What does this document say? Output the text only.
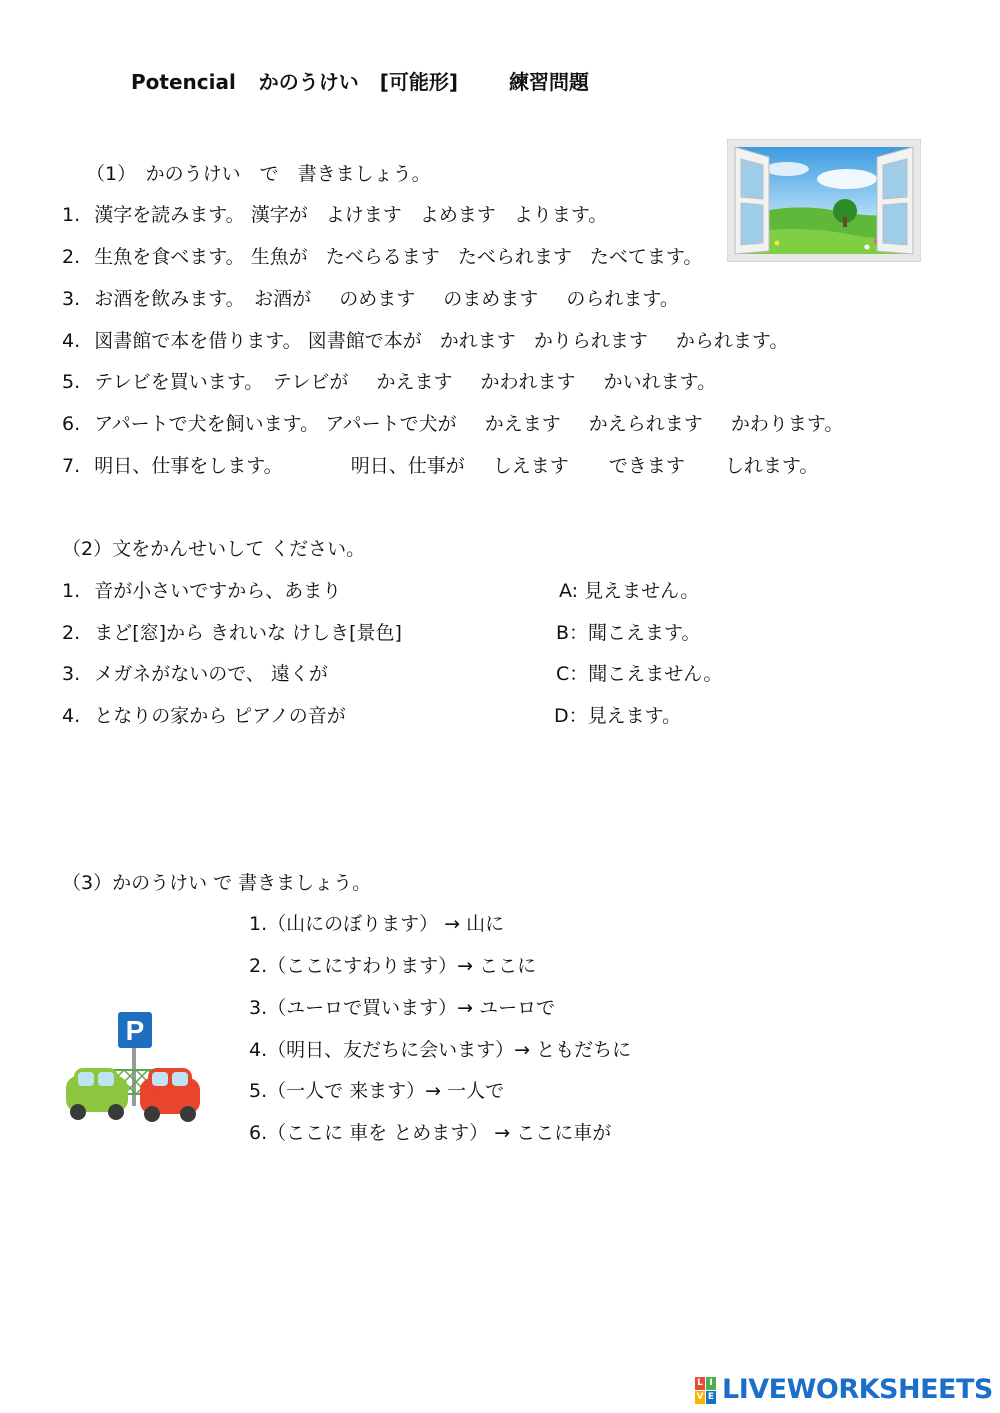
Potencial かのうけい [可能形]	練習問題
（1）　かのうけい　で　書きましょう。
1. 漢字を読みます。 漢字が よけます よめます よります。
2. 生魚を食べます。 生魚が たべらるます たべられます たべてます。
3. お酒を飲みます。　お酒が のめます のまめます のられます。
4. 図書館で本を借ります。 図書館で本が かれます かりられます かられます。
5. テレビを買います。　テレビが かえます かわれます かいれます。
6. アパートで犬を飼います。 アパートで犬が かえます かえられます かわります。
7. 明日、仕事をします。	明日、仕事が しえます できます しれます。
（2）文をかんせいして ください。
1. 音が小さいですから、あまり
2. まど[窓]から きれいな けしき[景色]
3. メガネがないので、 遠くが
4. となりの家から ピアノの音が
A: 見えません。
B：聞こえます。
C：聞こえません。
D：見えます。
（3）かのうけい で 書きましょう。
1.（山にのぼります） → 山に
2.（ここにすわります）→ ここに
3.（ユーロで買います）→ ユーロで
4.（明日、友だちに会います）→ ともだちに
5.（一人で 来ます）→ 一人で
6.（ここに 車を とめます） → ここに車が
P
L I
V E LIVEWORKSHEETS
